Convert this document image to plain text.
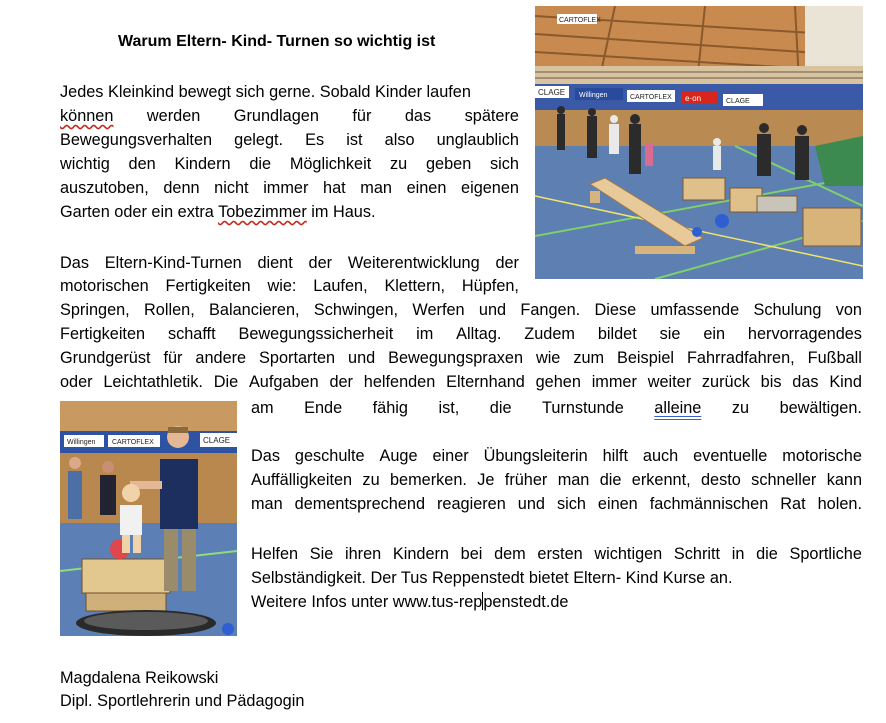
Warum Eltern- Kind- Turnen so wichtig ist
Jedes Kleinkind bewegt sich gerne. Sobald Kinder laufen
können werden Grundlagen für das spätere
Bewegungsverhalten gelegt. Es ist also unglaublich
wichtig den Kindern die Möglichkeit zu geben sich
auszutoben, denn nicht immer hat man einen eigenen
Garten oder ein extra Tobezimmer im Haus.
Das Eltern-Kind-Turnen dient der Weiterentwicklung der
motorischen Fertigkeiten wie: Laufen, Klettern, Hüpfen,
Springen, Rollen, Balancieren, Schwingen, Werfen und Fangen. Diese umfassende Schulung von
Fertigkeiten schafft Bewegungssicherheit im Alltag. Zudem bildet sie ein hervorragendes
Grundgerüst für andere Sportarten und Bewegungspraxen wie zum Beispiel Fahrradfahren, Fußball
oder Leichtathletik. Die Aufgaben der helfenden Elternhand gehen immer weiter zurück bis das Kind
am Ende fähig ist, die Turnstunde alleine zu bewältigen.
Das geschulte Auge einer Übungsleiterin hilft auch eventuelle motorische
Auffälligkeiten zu bemerken. Je früher man die erkennt, desto schneller kann
man dementsprechend reagieren und sich einen fachmännischen Rat holen.
Helfen Sie ihren Kindern bei dem ersten wichtigen Schritt in die Sportliche
Selbständigkeit. Der Tus Reppenstedt bietet Eltern- Kind Kurse an.
Weitere Infos unter www.tus-reppenstedt.de
CARTOFLEX
CLAGE Willingen	CARTOFLEX e·on	CLAGE
Willingen CARTOFLEX	CLAGE
Magdalena Reikowski
Dipl. Sportlehrerin und Pädagogin
